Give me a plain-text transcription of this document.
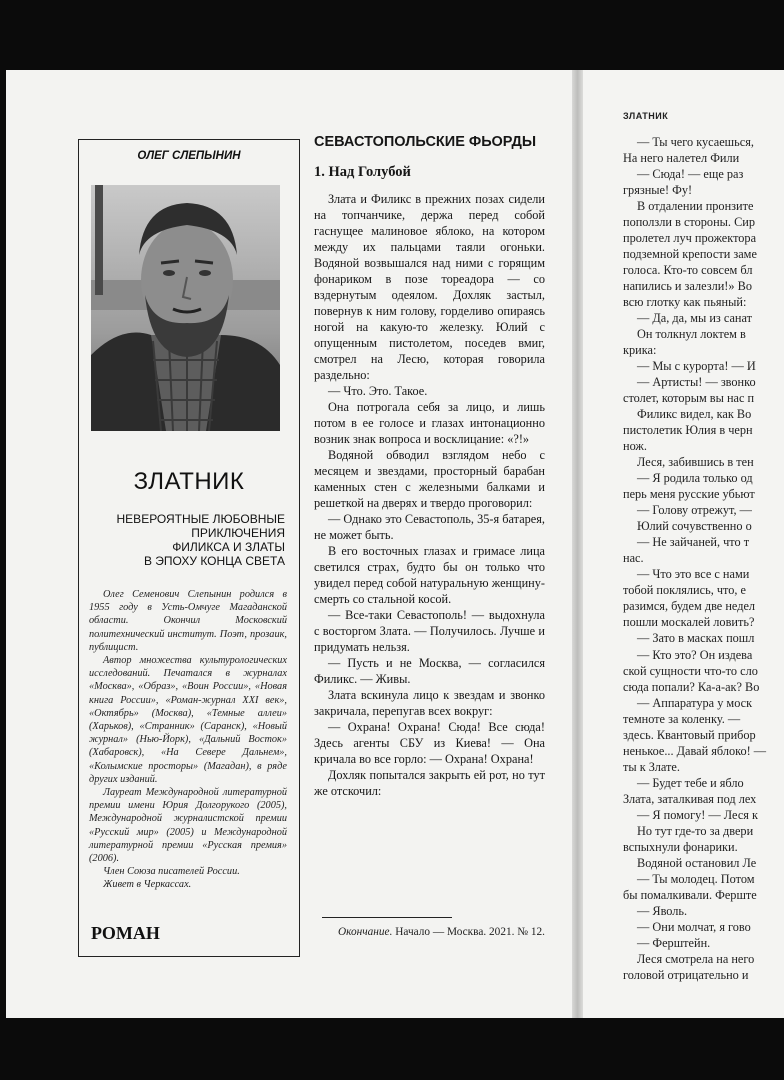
ОЛЕГ СЛЕПЫНИН
ЗЛАТНИК
НЕВЕРОЯТНЫЕ ЛЮБОВНЫЕ
ПРИКЛЮЧЕНИЯ
ФИЛИКСА И ЗЛАТЫ
В ЭПОХУ КОНЦА СВЕТА

Олег Семенович Слепынин родился в 1955 году в Усть-Омчуге Магаданской области. Окончил Московский политехнический институт. Поэт, прозаик, публицист.

Автор множества культурологических исследований. Печатался в журналах «Москва», «Образ», «Воин России», «Новая книга России», «Роман-журнал XXI век», «Октябрь» (Москва), «Темные аллеи» (Харьков), «Странник» (Саранск), «Новый журнал» (Нью-Йорк), «Дальний Восток» (Хабаровск), «На Севере Дальнем», «Колымские просторы» (Магадан), в ряде других изданий.

Лауреат Международной литературной премии имени Юрия Долгорукого (2005), Международной журналистской премии «Русский мир» (2005) и Международной литературной премии «Русская премия» (2006).

Член Союза писателей России.

Живет в Черкассах.

РОМАН
СЕВАСТОПОЛЬСКИЕ ФЬОРДЫ
1. Над Голубой

Злата и Филикс в прежних позах сидели на топчанчике, держа перед собой гаснущее малиновое яблоко, на котором между их пальцами таяли огоньки. Водяной возвышался над ними с горящим фонариком в позе тореадора — со вздернутым одеялом. Дохляк застыл, повернув к ним голову, горделиво опираясь ногой на какую-то железку. Юлий с опущенным пистолетом, поседев вмиг, смотрел на Лесю, которая говорила раздельно:

— Что. Это. Такое.

Она потрогала себя за лицо, и лишь потом в ее голосе и глазах интонационно возник знак вопроса и восклицание: «?!»

Водяной обводил взглядом небо с месяцем и звездами, просторный барабан каменных стен с железными балками и решеткой на дверях и твердо проговорил:

— Однако это Севастополь, 35-я батарея, не может быть.

В его восточных глазах и гримасе лица светился страх, будто бы он только что увидел перед собой натуральную женщину-смерть со стальной косой.

— Все-таки Севастополь! — выдохнула с восторгом Злата. — Получилось. Лучше и придумать нельзя.

— Пусть и не Москва, — согласился Филикс. — Живы.

Злата вскинула лицо к звездам и звонко закричала, перепугав всех вокруг:

— Охрана! Охрана! Сюда! Все сюда! Здесь агенты СБУ из Киева! — Она кричала во все горло: — Охрана! Охрана!

Дохляк попытался закрыть ей рот, но тут же отскочил:

Окончание. Начало — Москва. 2021. № 12.

ЗЛАТНИК
— Ты чего кусаешься,
На него налетел Фили
— Сюда! — еще раз
грязные! Фу!
В отдалении пронзите
поползли в стороны. Сир
пролетел луч прожектора
подземной крепости заме
голоса. Кто-то совсем бл
напились и залезли!» Во
всю глотку как пьяный:
— Да, да, мы из санат
Он толкнул локтем в
крика:
— Мы с курорта! — И
— Артисты! — звонко
столет, которым вы нас п
Филикс видел, как Во
пистолетик Юлия в черн
нож.
Леся, забившись в тен
— Я родила только од
перь меня русские убьют
— Голову отрежут, —
Юлий сочувственно о
— Не зайчаней, что т
нас.
— Что это все с нами
тобой поклялись, что, е
разимся, будем две недел
пошли москалей ловить?
— Зато в масках пошл
— Кто это? Он издева
ской сущности что-то сло
сюда попали? Ка-а-ак? Во
— Аппаратура у моск
темноте за коленку. —
здесь. Квантовый прибор
ненькое... Давай яблоко! —
ты к Злате.
— Будет тебе и ябло
Злата, заталкивая под лех
— Я помогу! — Леся к
Но тут где-то за двери
вспыхнули фонарики.
Водяной остановил Ле
— Ты молодец. Потом
бы помалкивали. Ферштe
— Яволь.
— Они молчат, я гово
— Ферштейн.
Леся смотрела на него
головой отрицательно и
